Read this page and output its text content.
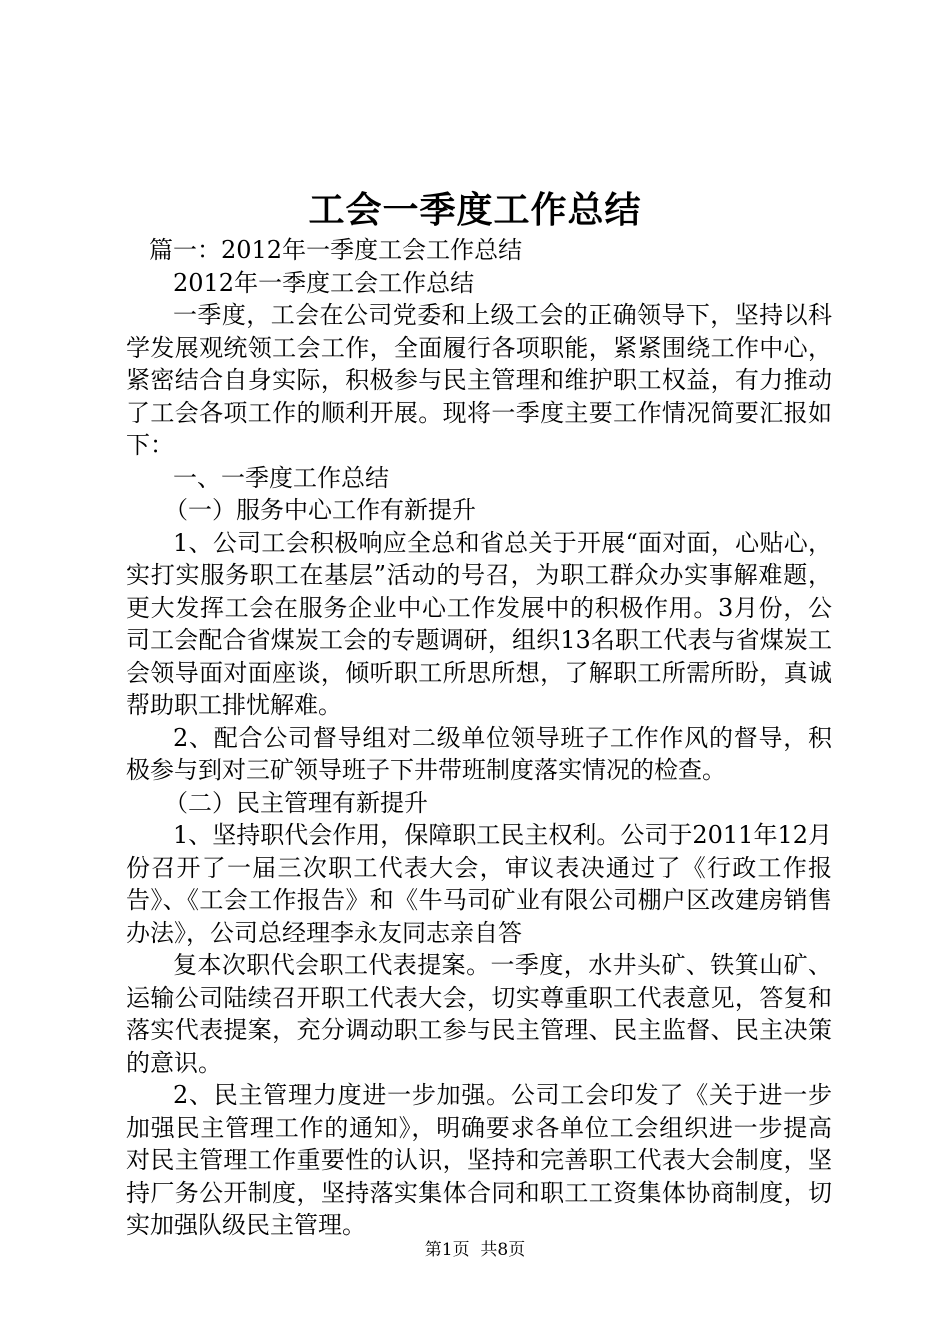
工会一季度工作总结

篇一：2012年一季度工会工作总结

2012年一季度工会工作总结

一季度，工会在公司党委和上级工会的正确领导下，坚持以科学发展观统领工会工作，全面履行各项职能，紧紧围绕工作中心，紧密结合自身实际，积极参与民主管理和维护职工权益，有力推动了工会各项工作的顺利开展。现将一季度主要工作情况简要汇报如下：

一、一季度工作总结

（一）服务中心工作有新提升

1、公司工会积极响应全总和省总关于开展“面对面，心贴心，实打实服务职工在基层”活动的号召，为职工群众办实事解难题，更大发挥工会在服务企业中心工作发展中的积极作用。3月份，公司工会配合省煤炭工会的专题调研，组织13名职工代表与省煤炭工会领导面对面座谈，倾听职工所思所想，了解职工所需所盼，真诚帮助职工排忧解难。

2、配合公司督导组对二级单位领导班子工作作风的督导，积极参与到对三矿领导班子下井带班制度落实情况的检查。

（二）民主管理有新提升

1、坚持职代会作用，保障职工民主权利。公司于2011年12月份召开了一届三次职工代表大会，审议表决通过了《行政工作报告》、《工会工作报告》和《牛马司矿业有限公司棚户区改建房销售办法》，公司总经理李永友同志亲自答

复本次职代会职工代表提案。一季度，水井头矿、铁箕山矿、运输公司陆续召开职工代表大会，切实尊重职工代表意见，答复和落实代表提案，充分调动职工参与民主管理、民主监督、民主决策的意识。

2、民主管理力度进一步加强。公司工会印发了《关于进一步加强民主管理工作的通知》，明确要求各单位工会组织进一步提高对民主管理工作重要性的认识，坚持和完善职工代表大会制度，坚持厂务公开制度，坚持落实集体合同和职工工资集体协商制度，切实加强队级民主管理。

第1页 共8页
